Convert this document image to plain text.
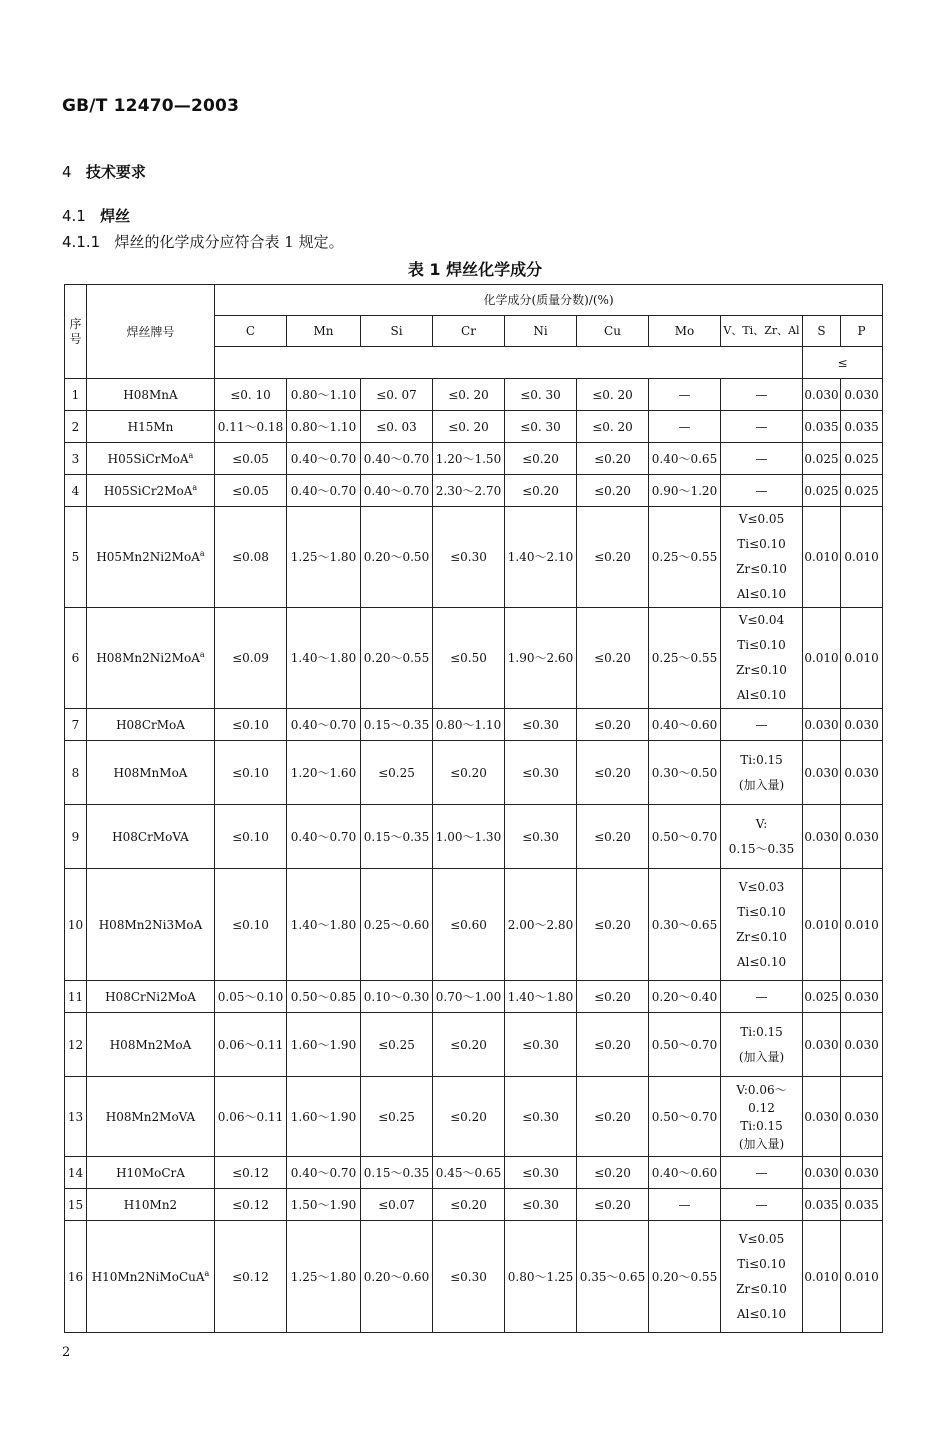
GB/T 12470—2003
4 技术要求
4.1 焊丝
4.1.1 焊丝的化学成分应符合表 1 规定。
表 1 焊丝化学成分
序号	焊丝牌号	化学成分(质量分数)/(%)									
		C	Mn	Si	Cr	Ni	Cu	Mo	V、Ti、Zr、Al	S	P
										≤	
1	H08MnA	≤0. 10	0.80～1.10	≤0. 07	≤0. 20	≤0. 30	≤0. 20	—	—	0.030	0.030
2	H15Mn	0.11～0.18	0.80～1.10	≤0. 03	≤0. 20	≤0. 30	≤0. 20	—	—	0.035	0.035
3	H05SiCrMoA$^a$	≤0.05	0.40～0.70	0.40～0.70	1.20～1.50	≤0.20	≤0.20	0.40～0.65	—	0.025	0.025
4	H05SiCr2MoA$^a$	≤0.05	0.40～0.70	0.40～0.70	2.30～2.70	≤0.20	≤0.20	0.90～1.20	—	0.025	0.025
5	H05Mn2Ni2MoA$^a$	≤0.08	1.25～1.80	0.20～0.50	≤0.30	1.40～2.10	≤0.20	0.25～0.55	V≤0.05
Ti≤0.10
Zr≤0.10
Al≤0.10	0.010	0.010
6	H08Mn2Ni2MoA$^a$	≤0.09	1.40～1.80	0.20～0.55	≤0.50	1.90～2.60	≤0.20	0.25～0.55	V≤0.04
Ti≤0.10
Zr≤0.10
Al≤0.10	0.010	0.010
7	H08CrMoA	≤0.10	0.40～0.70	0.15～0.35	0.80～1.10	≤0.30	≤0.20	0.40～0.60	—	0.030	0.030
8	H08MnMoA	≤0.10	1.20～1.60	≤0.25	≤0.20	≤0.30	≤0.20	0.30～0.50	Ti:0.15
(加入量)	0.030	0.030
9	H08CrMoVA	≤0.10	0.40～0.70	0.15～0.35	1.00～1.30	≤0.30	≤0.20	0.50～0.70	V:
0.15～0.35	0.030	0.030
10	H08Mn2Ni3MoA	≤0.10	1.40～1.80	0.25～0.60	≤0.60	2.00～2.80	≤0.20	0.30～0.65	V≤0.03
Ti≤0.10
Zr≤0.10
Al≤0.10	0.010	0.010
11	H08CrNi2MoA	0.05～0.10	0.50～0.85	0.10～0.30	0.70～1.00	1.40～1.80	≤0.20	0.20～0.40	—	0.025	0.030
12	H08Mn2MoA	0.06～0.11	1.60～1.90	≤0.25	≤0.20	≤0.30	≤0.20	0.50～0.70	Ti:0.15
(加入量)	0.030	0.030
13	H08Mn2MoVA	0.06～0.11	1.60～1.90	≤0.25	≤0.20	≤0.30	≤0.20	0.50～0.70	V:0.06～
0.12
Ti:0.15
(加入量)	0.030	0.030
14	H10MoCrA	≤0.12	0.40～0.70	0.15～0.35	0.45～0.65	≤0.30	≤0.20	0.40～0.60	—	0.030	0.030
15	H10Mn2	≤0.12	1.50～1.90	≤0.07	≤0.20	≤0.30	≤0.20	—	—	0.035	0.035
16	H10Mn2NiMoCuA$^a$	≤0.12	1.25～1.80	0.20～0.60	≤0.30	0.80～1.25	0.35～0.65	0.20～0.55	V≤0.05
Ti≤0.10
Zr≤0.10
Al≤0.10	0.010	0.010
2
